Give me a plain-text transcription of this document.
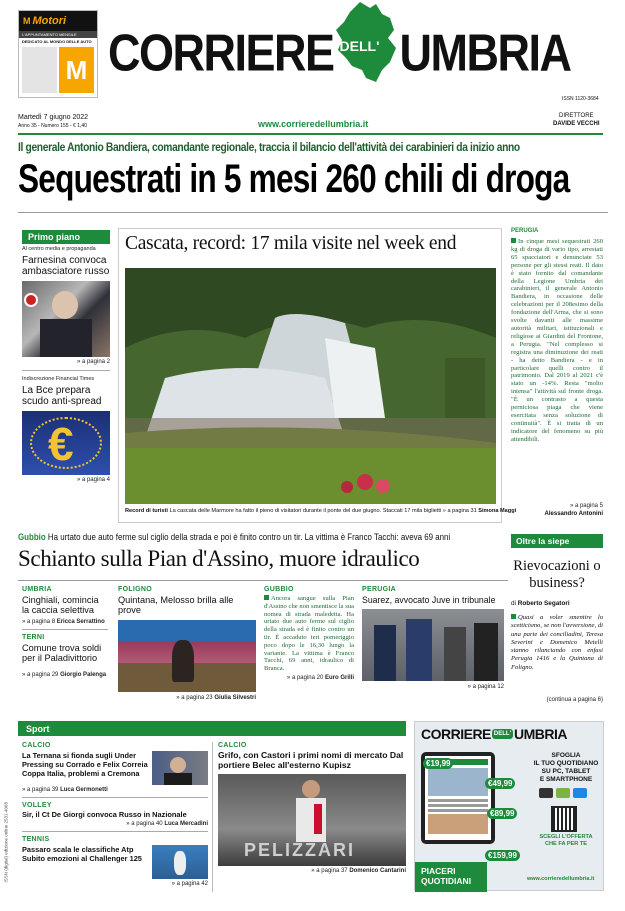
M Motori
L'APPUNTAMENTO MENSILE
DEDICATO AL MONDO DELLE AUTO
M CORRIERE DELL' UMBRIA
ISSN 1120-3684
Martedì 7 giugno 2022
Anno 35 - Numero 155 - € 1,40	www.corrieredellumbria.it
DIRETTORE
DAVIDE VECCHI
Il generale Antonio Bandiera, comandante regionale, traccia il bilancio dell'attività dei carabinieri da inizio anno
Sequestrati in 5 mesi 260 chili di droga
Primo piano
Al centro media e propaganda
Farnesina convoca ambasciatore russo
» a pagina 2
Indiscrezione Financial Times
La Bce prepara scudo anti-spread
€
» a pagina 4
Cascata, record: 17 mila visite nel week end
Record di turisti La cascata delle Marmore ha fatto il pieno di visitatori durante il ponte del due giugno. Staccati 17 mila biglietti » a pagina 31 Simona Maggi
PERUGIA
In cinque mesi sequestrati 260 kg di droga di vario tipo, arrestati 65 spacciatori e denunciate 53 persone per gli stessi reati. Il dato è stato fornito dal comandante della Legione Umbria dei carabinieri, il generale Antonio Bandiera, in occasione delle celebrazioni per il 208esimo della fondazione dell'Arma, che si sono svolte davanti alle massime autorità militari, istituzionali e religiose ai Giardini del Frontone, a Perugia. "Nel complesso si registra una diminuzione dei reati - ha detto Bandiera - e in particolare quelli contro il patrimonio. Dal 2019 al 2021 c'è stato un -14%. Resta "molto intensa" l'attività sul fronte droga. "È un contrasto a questa perniciosa piaga che viene esercitata senza soluzione di continuità". È si tratta di un indicatore del fenomeno su più attendibili.
» a pagina 5
Alessandro Antonini
Gubbio Ha urtato due auto ferme sul ciglio della strada e poi è finito contro un tir. La vittima è Franco Tacchi: aveva 69 anni
Schianto sulla Pian d'Assino, muore idraulico
UMBRIA
Cinghiali, comincia la caccia selettiva
» a pagina 8 Ericca Serrattino
TERNI
Comune trova soldi per il Paladivittorio
» a pagina 29 Giorgio Palenga
FOLIGNO
Quintana, Melosso brilla alle prove
» a pagina 23 Giulia Silvestri
GUBBIO
Ancora sangue sulla Pian d'Assino che non smentisce la sua nomea di strada maledetta. Ha urtato due auto ferme sul ciglio della strada ed è finito contro un tir. È accaduto ieri pomeriggio poco dopo le 16,30 lungo la variante. La vittima è Franco Tacchi, 69 anni, idraulico di Branca.
» a pagina 20 Euro Grilli
PERUGIA
Suarez, avvocato Juve in tribunale
» a pagina 12
Oltre la siepe
Rievocazioni o business?
di Roberto Segatori
Quasi a voler smentire lo scetticismo, se non l'avversione, di una parte dei conciliadini, Teresa Severini e Domenico Metelli stanno rilanciando con enfasi Perugia 1416 e la Quintana di Foligno.
(continua a pagina 6)
Sport
CALCIO
La Ternana si fionda sugli Under Pressing su Corrado e Felix Correia Coppa Italia, problemi a Cremona
» a pagina 39 Luca Germonetti
VOLLEY
Sir, il Ct De Giorgi convoca Russo in Nazionale
» a pagina 40 Luca Mercadini
TENNIS
Passaro scala le classifiche Atp Subito emozioni al Challenger 125
» a pagina 42
CALCIO
Grifo, con Castori i primi nomi di mercato Dal portiere Belec all'esterno Kupisz
PELIZZARI
» a pagina 37 Domenico Cantarini
CORRIERE DELL' UMBRIA
€19,99
€49,99
€89,99
€159,99
SFOGLIA
IL TUO QUOTIDIANO
SU PC, TABLET
E SMARTPHONE
SCEGLI L'OFFERTA
CHE FA PER TE
PIACERI
QUOTIDIANI	www.corrieredellumbria.it
ISSN (digital) edizione online 2531-4068
